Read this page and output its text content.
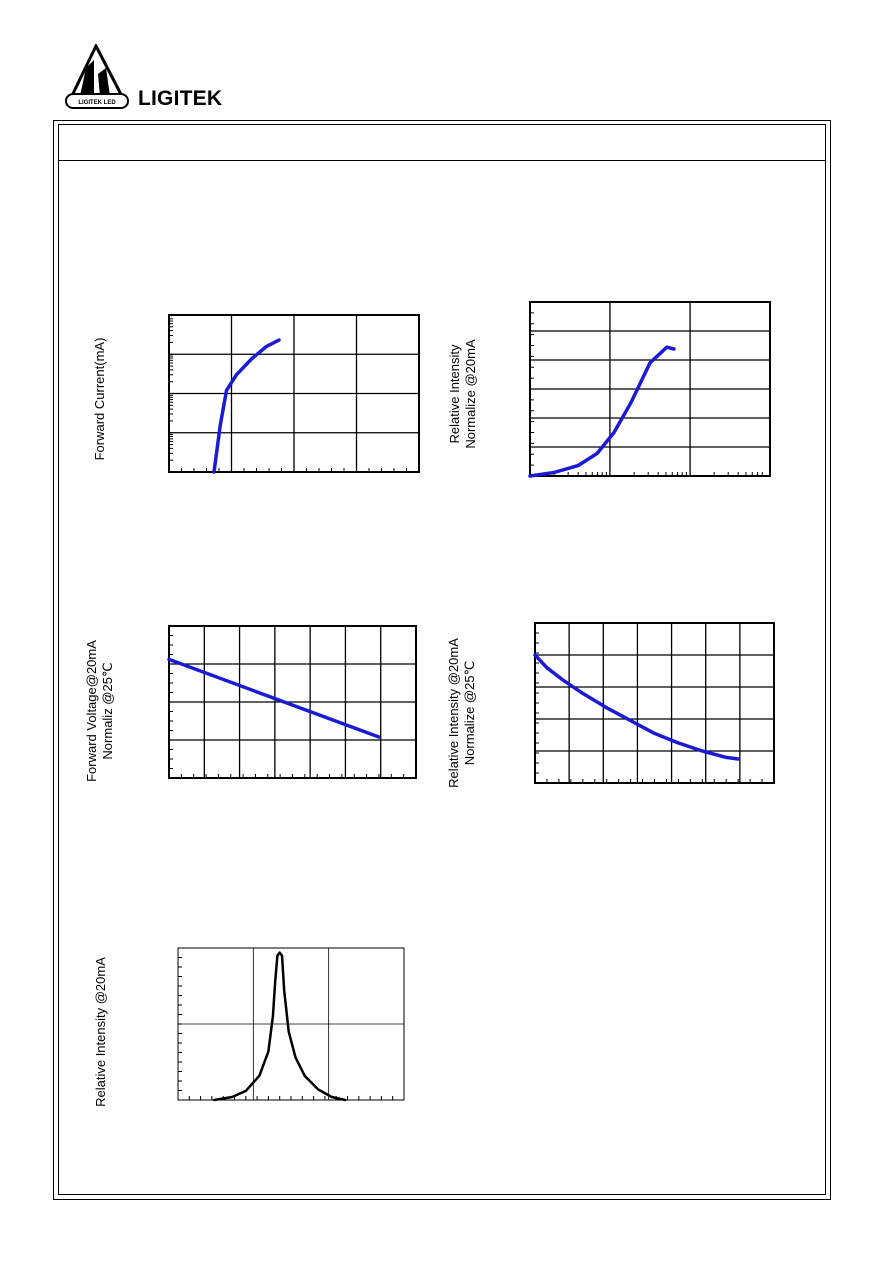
LIGITEK LED LIGITEK
Forward Current(mA)	Relative Intensity Normalize @20mA
Forward Voltage@20mA Normaliz @25℃	Relative Intensity @20mA Normalize @25℃
Relative Intensity @20mA
